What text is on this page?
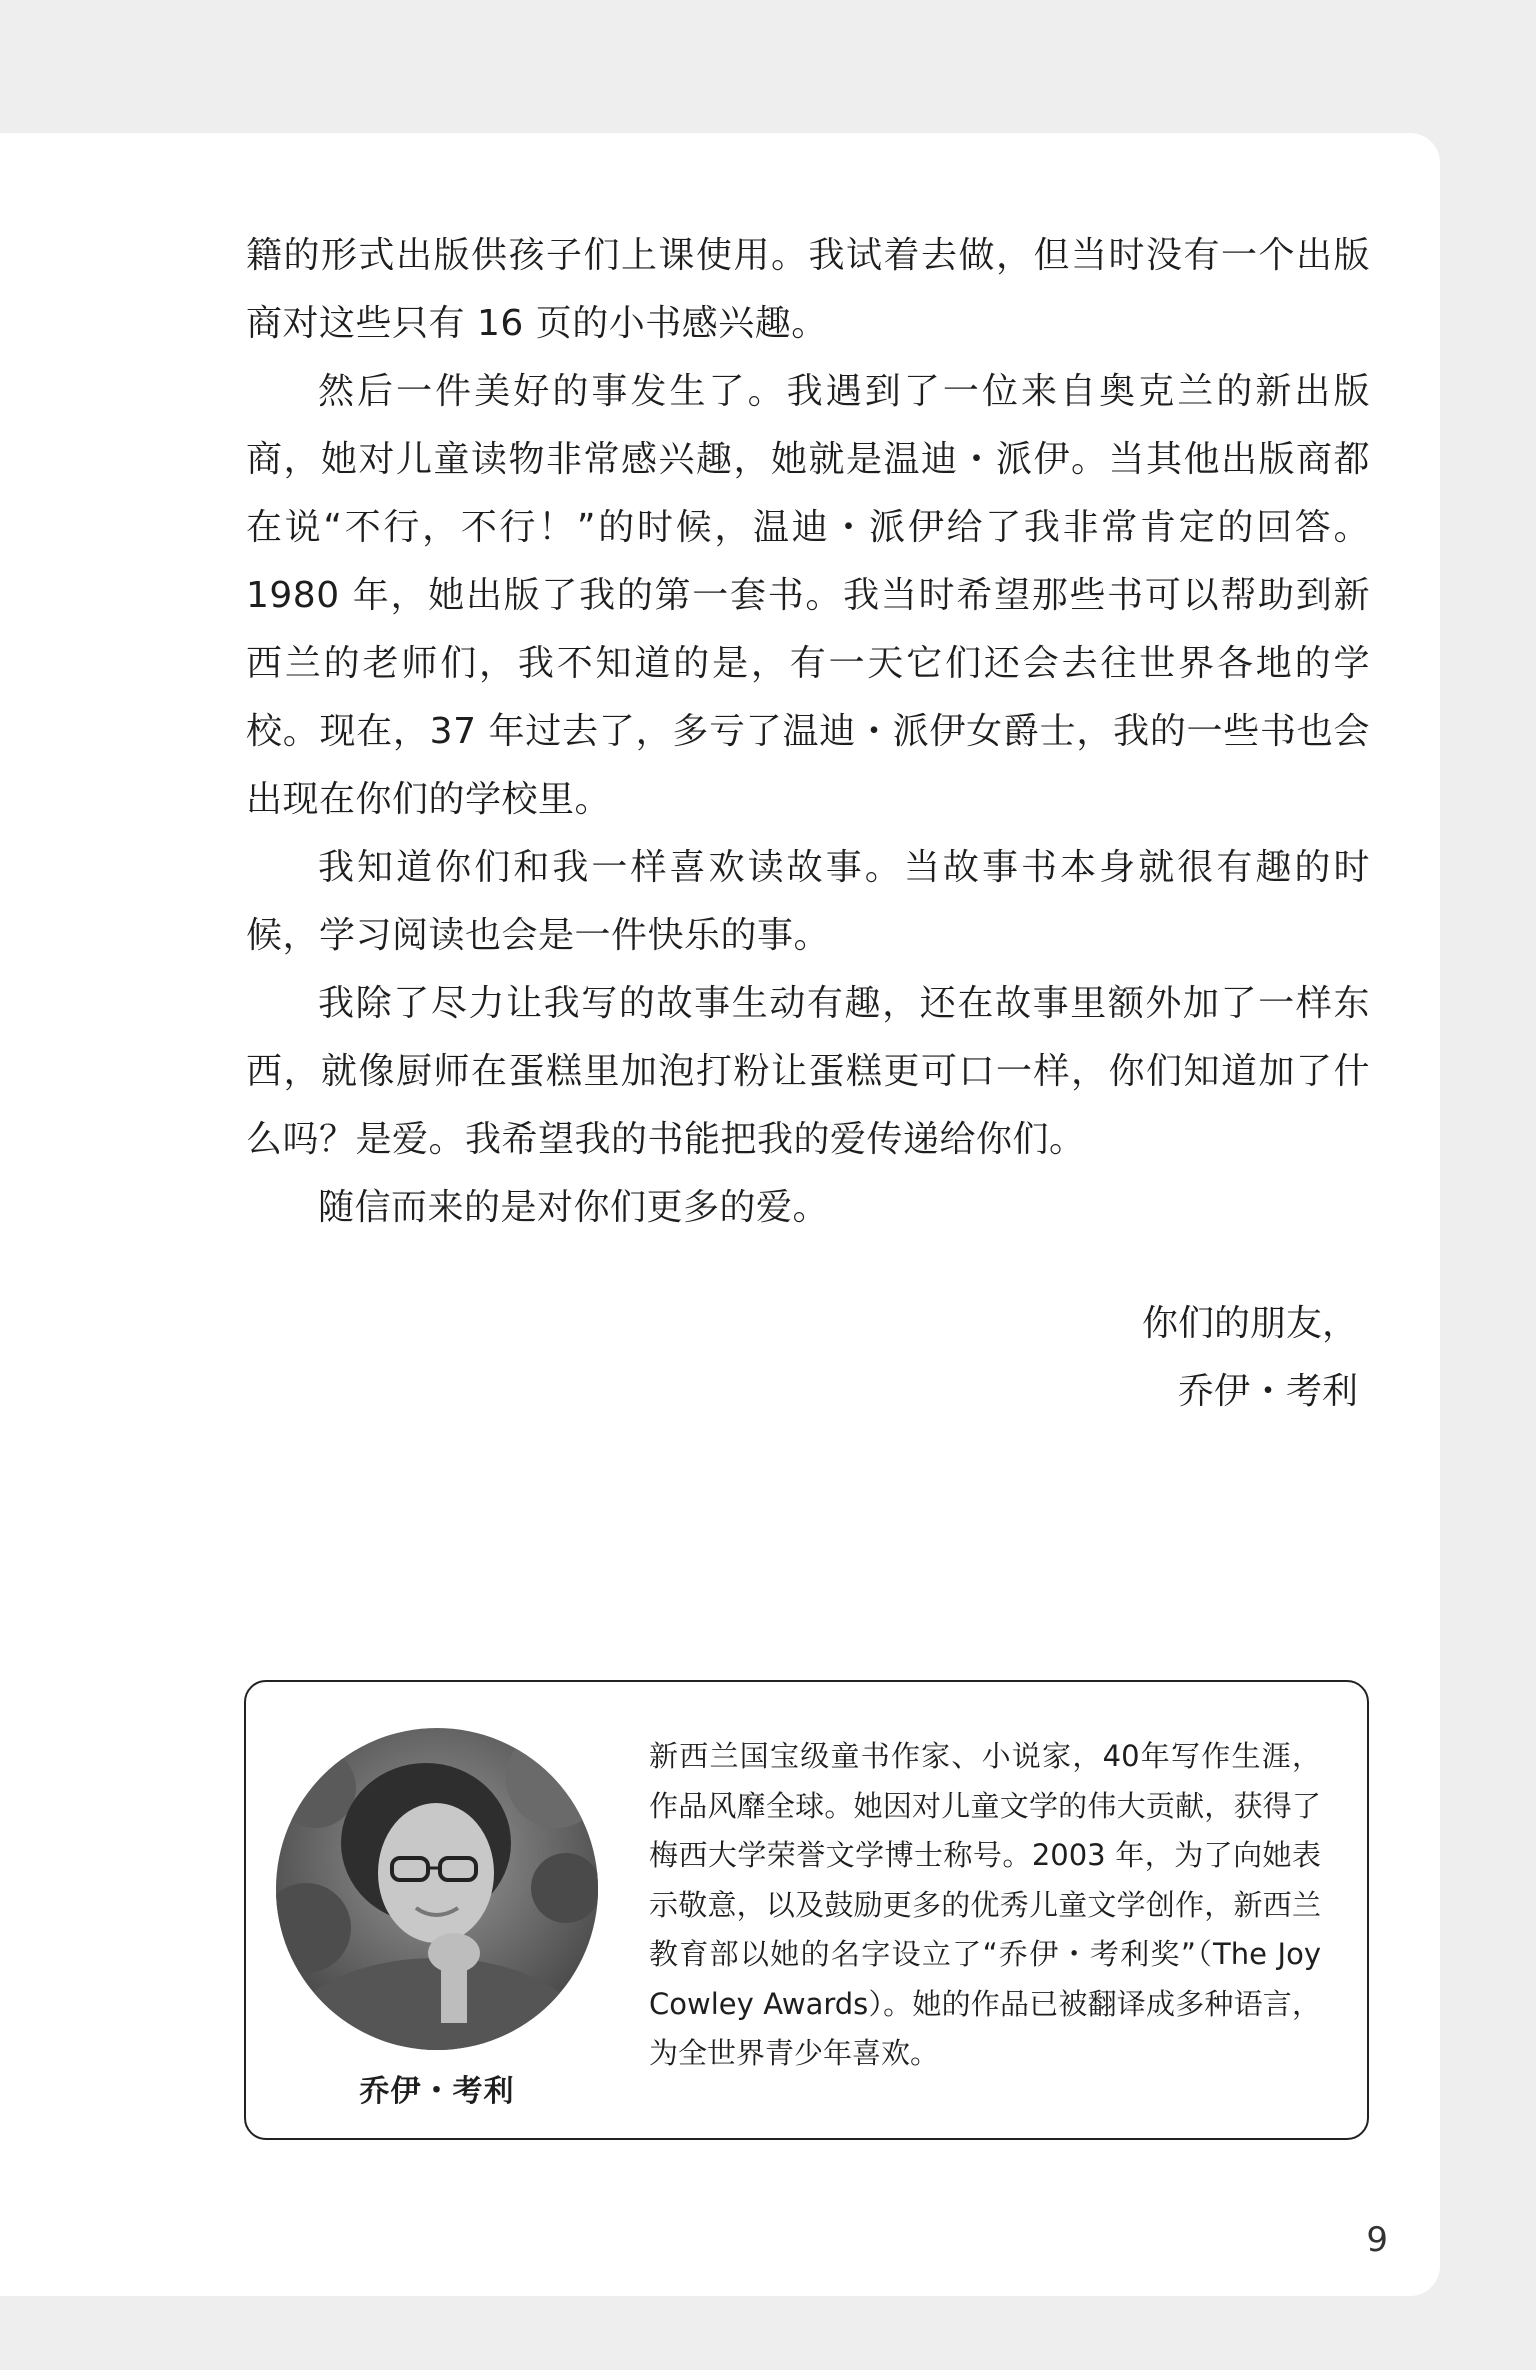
籍的形式出版供孩子们上课使用。我试着去做，但当时没有一个出版商对这些只有 16 页的小书感兴趣。

然后一件美好的事发生了。我遇到了一位来自奥克兰的新出版商，她对儿童读物非常感兴趣，她就是温迪・派伊。当其他出版商都在说“不行，不行！”的时候，温迪・派伊给了我非常肯定的回答。1980 年，她出版了我的第一套书。我当时希望那些书可以帮助到新西兰的老师们，我不知道的是，有一天它们还会去往世界各地的学校。现在，37 年过去了，多亏了温迪・派伊女爵士，我的一些书也会出现在你们的学校里。

我知道你们和我一样喜欢读故事。当故事书本身就很有趣的时候，学习阅读也会是一件快乐的事。

我除了尽力让我写的故事生动有趣，还在故事里额外加了一样东西，就像厨师在蛋糕里加泡打粉让蛋糕更可口一样，你们知道加了什么吗？是爱。我希望我的书能把我的爱传递给你们。

随信而来的是对你们更多的爱。

你们的朋友，
乔伊・考利
乔伊・考利

新西兰国宝级童书作家、小说家，40年写作生涯，作品风靡全球。她因对儿童文学的伟大贡献，获得了梅西大学荣誉文学博士称号。2003 年，为了向她表示敬意，以及鼓励更多的优秀儿童文学创作，新西兰教育部以她的名字设立了“乔伊・考利奖”（The Joy Cowley Awards）。她的作品已被翻译成多种语言，为全世界青少年喜欢。

9
